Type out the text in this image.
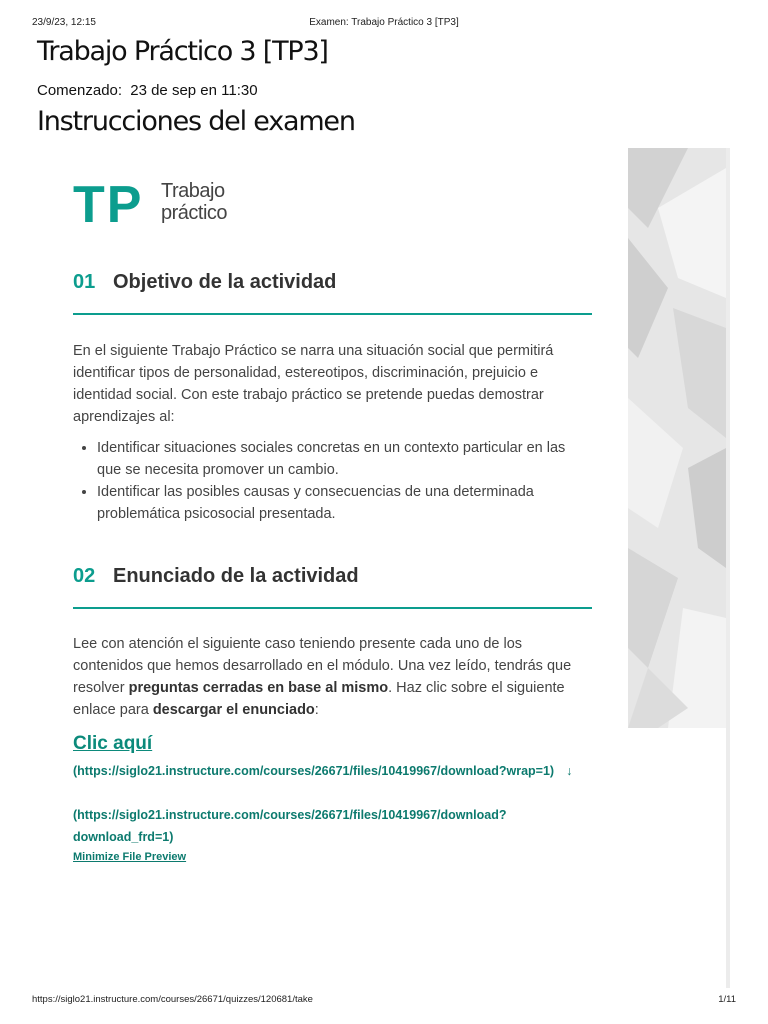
23/9/23, 12:15	Examen: Trabajo Práctico 3 [TP3]
Trabajo Práctico 3 [TP3]
Comenzado: 23 de sep en 11:30
Instrucciones del examen
TP Trabajo
práctico
01 Objetivo de la actividad

En el siguiente Trabajo Práctico se narra una situación social que permitirá identificar tipos de personalidad, estereotipos, discriminación, prejuicio e identidad social. Con este trabajo práctico se pretende puedas demostrar aprendizajes al:

• Identificar situaciones sociales concretas en un contexto particular en las que se necesita promover un cambio.
• Identificar las posibles causas y consecuencias de una determinada problemática psicosocial presentada.
02 Enunciado de la actividad

Lee con atención el siguiente caso teniendo presente cada uno de los contenidos que hemos desarrollado en el módulo. Una vez leído, tendrás que resolver preguntas cerradas en base al mismo. Haz clic sobre el siguiente enlace para descargar el enunciado:

Clic aquí
(https://siglo21.instructure.com/courses/26671/files/10419967/download?wrap=1) ↓
(https://siglo21.instructure.com/courses/26671/files/10419967/download?download_frd=1)
Minimize File Preview
https://siglo21.instructure.com/courses/26671/quizzes/120681/take	1/11
